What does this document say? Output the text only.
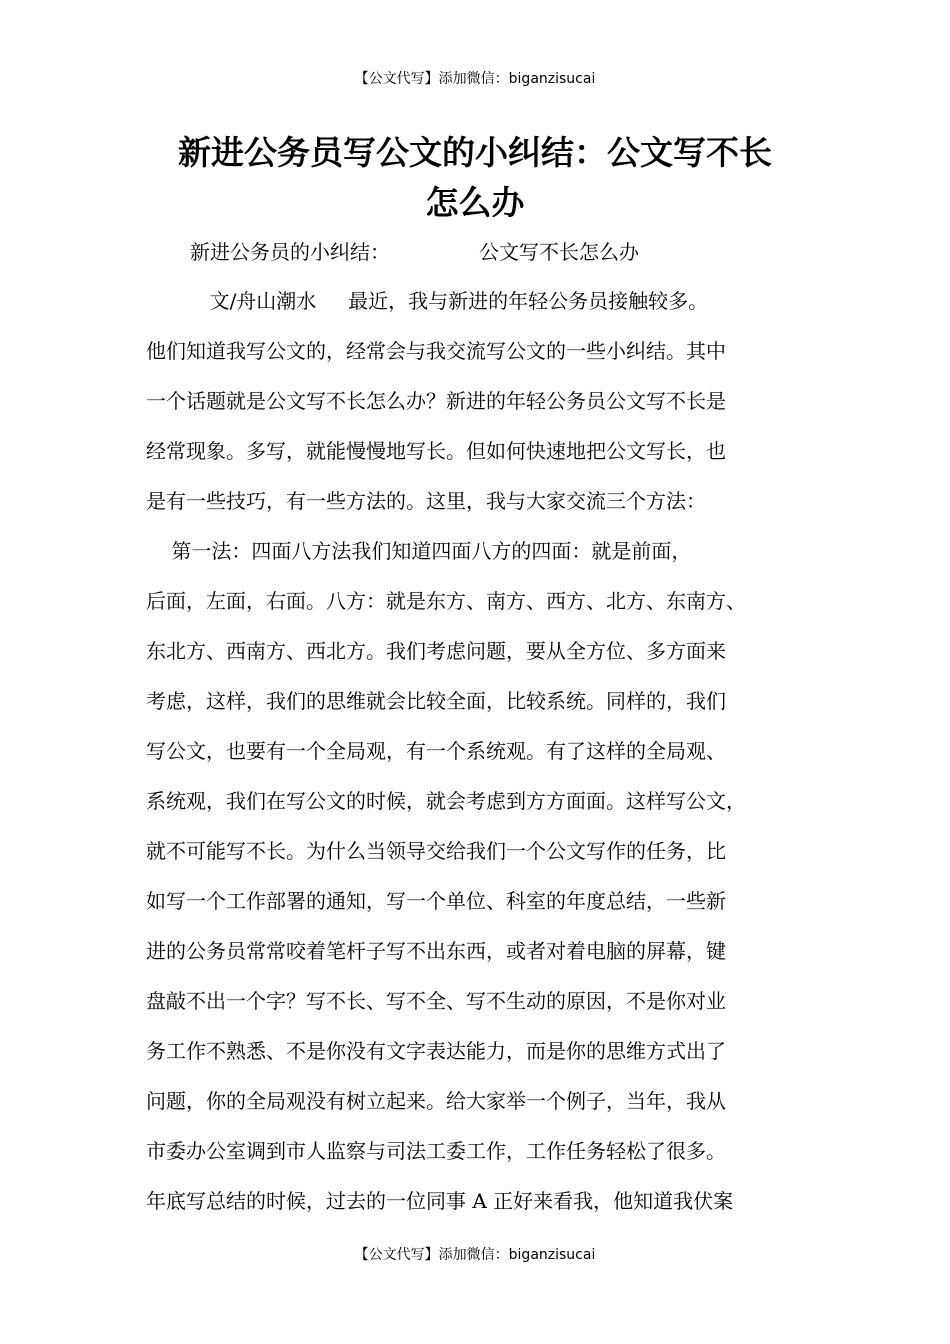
【公文代写】添加微信：biganzisucai
新进公务员写公文的小纠结：公文写不长
怎么办
新进公务员的小纠结：              公文写不长怎么办
文/舟山潮水     最近，我与新进的年轻公务员接触较多。
他们知道我写公文的，经常会与我交流写公文的一些小纠结。其中
一个话题就是公文写不长怎么办？新进的年轻公务员公文写不长是
经常现象。多写，就能慢慢地写长。但如何快速地把公文写长，也
是有一些技巧，有一些方法的。这里，我与大家交流三个方法：
第一法：四面八方法我们知道四面八方的四面：就是前面，
后面，左面，右面。八方：就是东方、南方、西方、北方、东南方、
东北方、西南方、西北方。我们考虑问题，要从全方位、多方面来
考虑，这样，我们的思维就会比较全面，比较系统。同样的，我们
写公文，也要有一个全局观，有一个系统观。有了这样的全局观、
系统观，我们在写公文的时候，就会考虑到方方面面。这样写公文，
就不可能写不长。为什么当领导交给我们一个公文写作的任务，比
如写一个工作部署的通知，写一个单位、科室的年度总结，一些新
进的公务员常常咬着笔杆子写不出东西，或者对着电脑的屏幕，键
盘敲不出一个字？写不长、写不全、写不生动的原因，不是你对业
务工作不熟悉、不是你没有文字表达能力，而是你的思维方式出了
问题，你的全局观没有树立起来。给大家举一个例子，当年，我从
市委办公室调到市人监察与司法工委工作，工作任务轻松了很多。
年底写总结的时候，过去的一位同事 A 正好来看我，他知道我伏案
【公文代写】添加微信：biganzisucai
